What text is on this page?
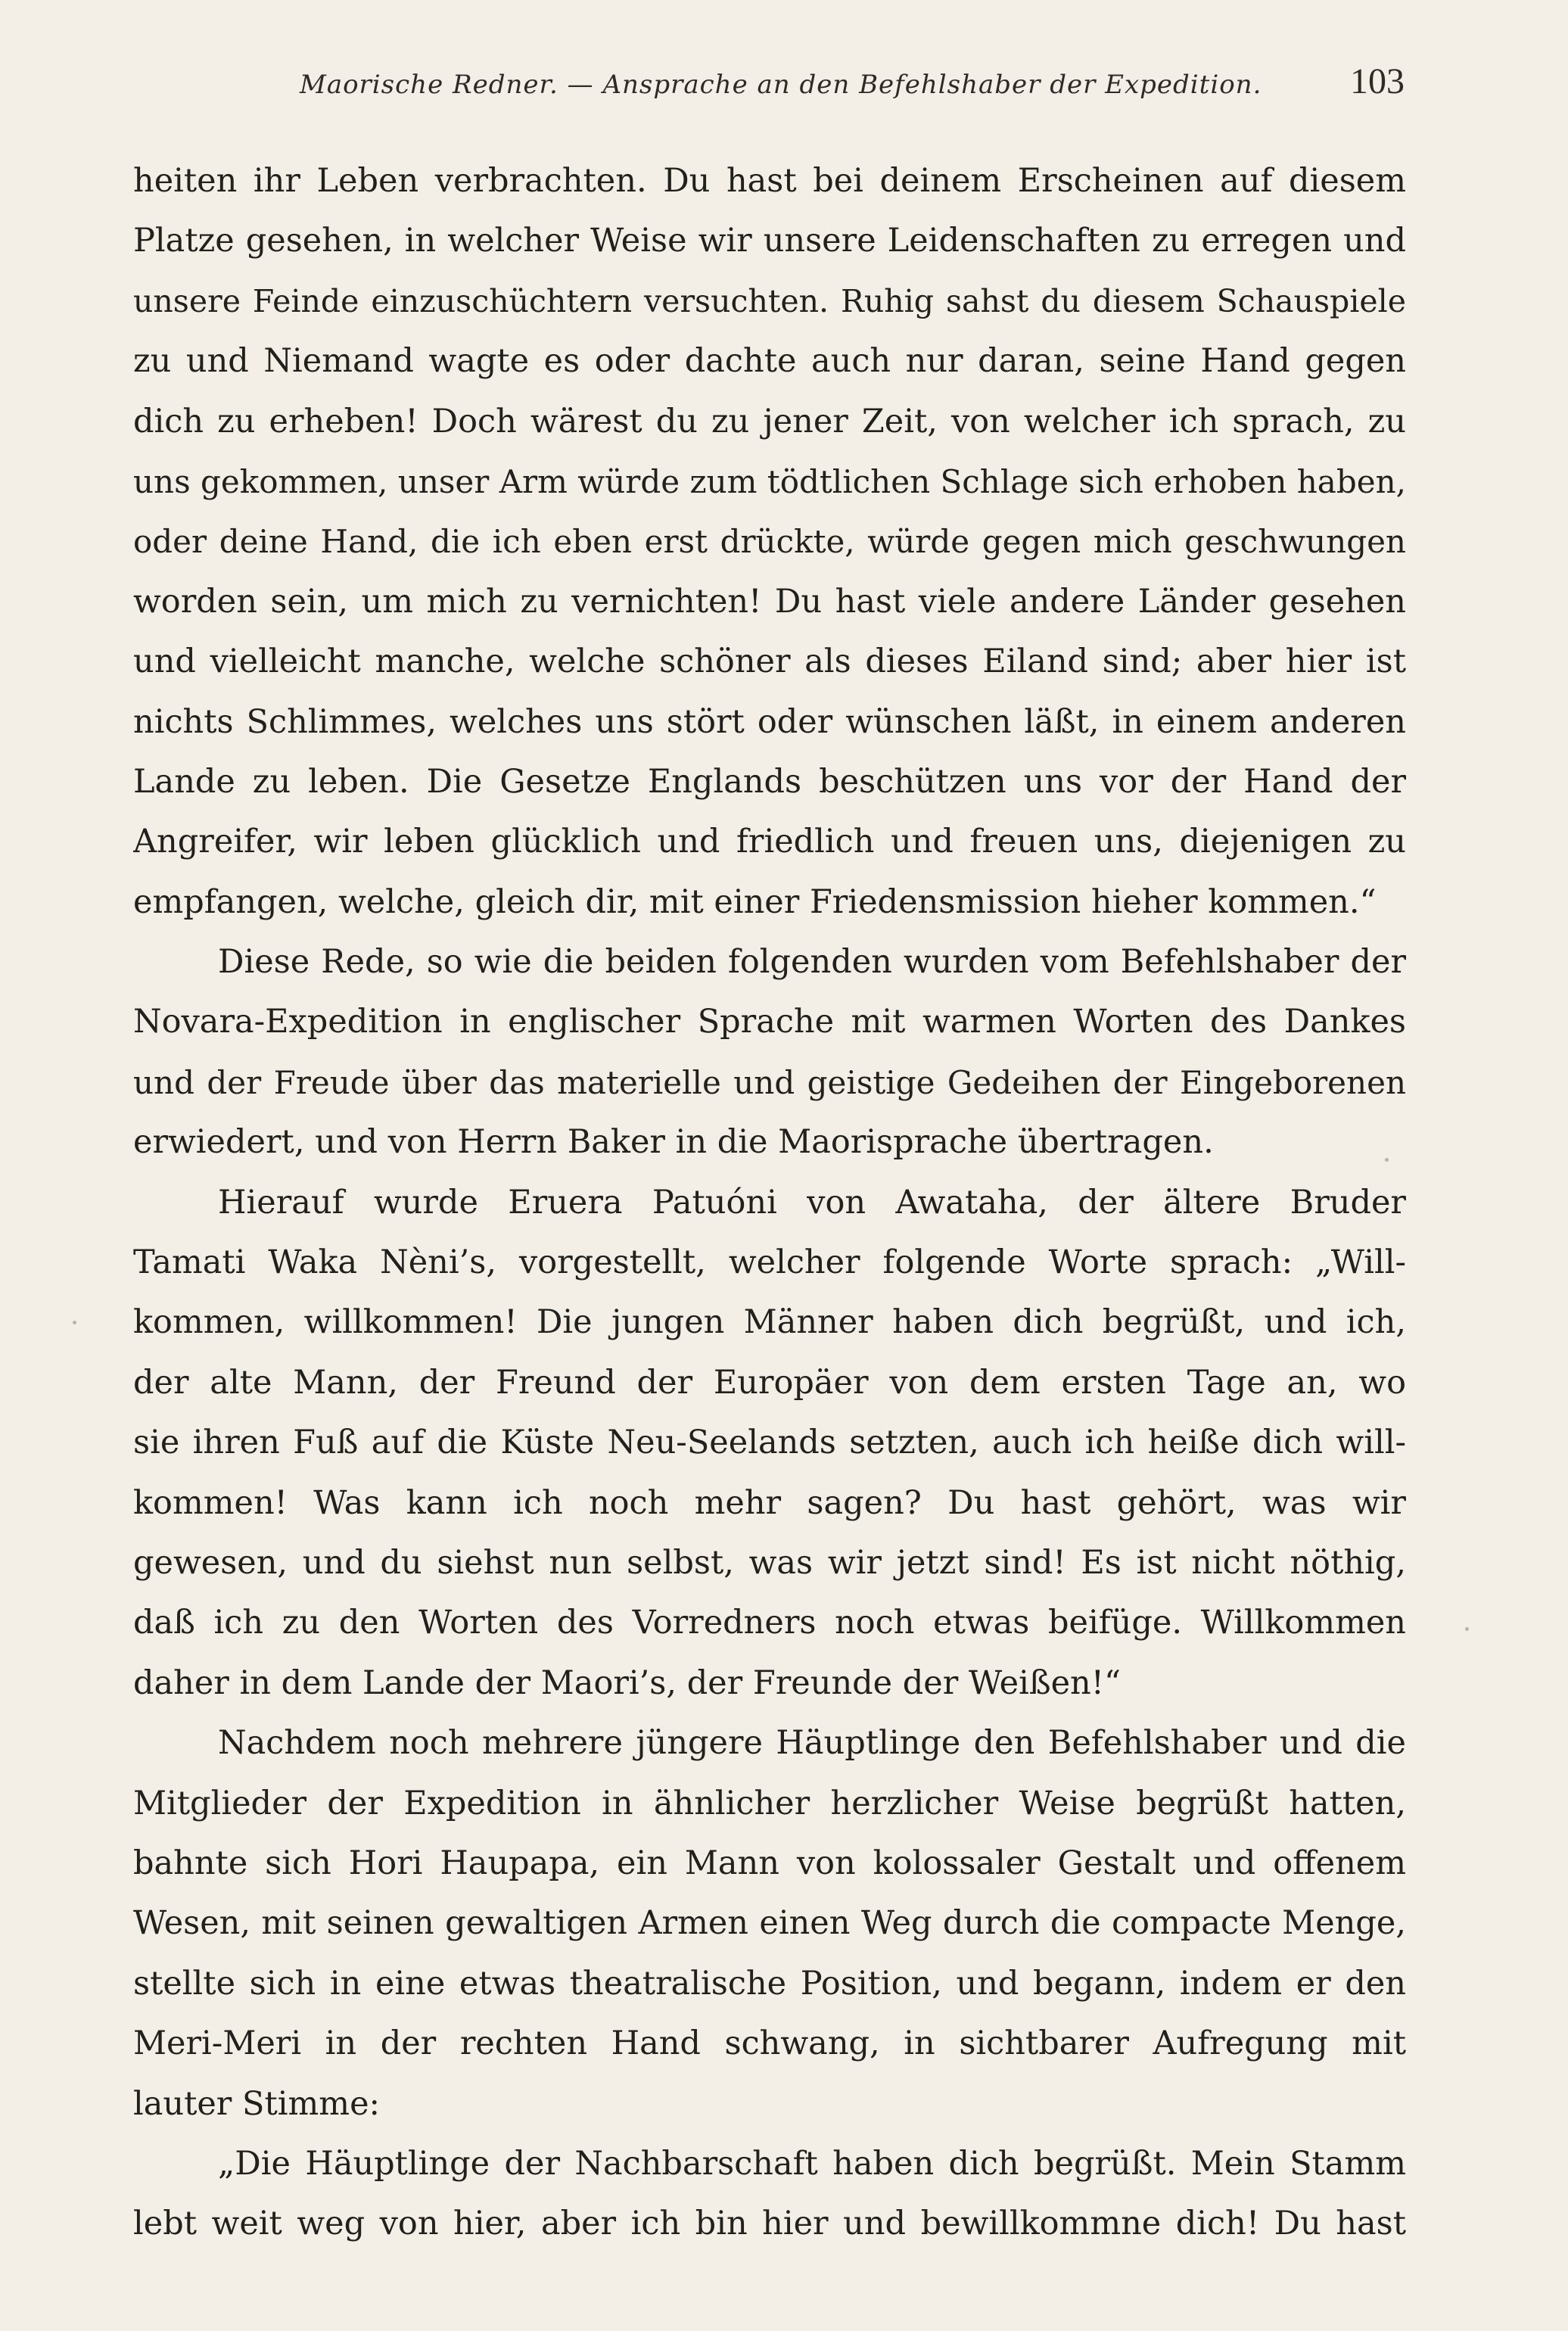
Maorische Redner. — Ansprache an den Befehlshaber der Expedition. 103
heiten ihr Leben verbrachten. Du hast bei deinem Erscheinen auf diesem
Platze gesehen, in welcher Weise wir unsere Leidenschaften zu erregen und
unsere Feinde einzuschüchtern versuchten. Ruhig sahst du diesem Schauspiele
zu und Niemand wagte es oder dachte auch nur daran, seine Hand gegen
dich zu erheben! Doch wärest du zu jener Zeit, von welcher ich sprach, zu
uns gekommen, unser Arm würde zum tödtlichen Schlage sich erhoben haben,
oder deine Hand, die ich eben erst drückte, würde gegen mich geschwungen
worden sein, um mich zu vernichten! Du hast viele andere Länder gesehen
und vielleicht manche, welche schöner als dieses Eiland sind; aber hier ist
nichts Schlimmes, welches uns stört oder wünschen läßt, in einem anderen
Lande zu leben. Die Gesetze Englands beschützen uns vor der Hand der
Angreifer, wir leben glücklich und friedlich und freuen uns, diejenigen zu
empfangen, welche, gleich dir, mit einer Friedensmission hieher kommen.“
Diese Rede, so wie die beiden folgenden wurden vom Befehlshaber der
Novara-Expedition in englischer Sprache mit warmen Worten des Dankes
und der Freude über das materielle und geistige Gedeihen der Eingeborenen
erwiedert, und von Herrn Baker in die Maorisprache übertragen.
Hierauf wurde Eruera Patuóni von Awataha, der ältere Bruder
Tamati Waka Nèni’s, vorgestellt, welcher folgende Worte sprach: „Will-
kommen, willkommen! Die jungen Männer haben dich begrüßt, und ich,
der alte Mann, der Freund der Europäer von dem ersten Tage an, wo
sie ihren Fuß auf die Küste Neu-Seelands setzten, auch ich heiße dich will-
kommen! Was kann ich noch mehr sagen? Du hast gehört, was wir
gewesen, und du siehst nun selbst, was wir jetzt sind! Es ist nicht nöthig,
daß ich zu den Worten des Vorredners noch etwas beifüge. Willkommen
daher in dem Lande der Maori’s, der Freunde der Weißen!“
Nachdem noch mehrere jüngere Häuptlinge den Befehlshaber und die
Mitglieder der Expedition in ähnlicher herzlicher Weise begrüßt hatten,
bahnte sich Hori Haupapa, ein Mann von kolossaler Gestalt und offenem
Wesen, mit seinen gewaltigen Armen einen Weg durch die compacte Menge,
stellte sich in eine etwas theatralische Position, und begann, indem er den
Meri-Meri in der rechten Hand schwang, in sichtbarer Aufregung mit
lauter Stimme:
„Die Häuptlinge der Nachbarschaft haben dich begrüßt. Mein Stamm
lebt weit weg von hier, aber ich bin hier und bewillkommne dich! Du hast
